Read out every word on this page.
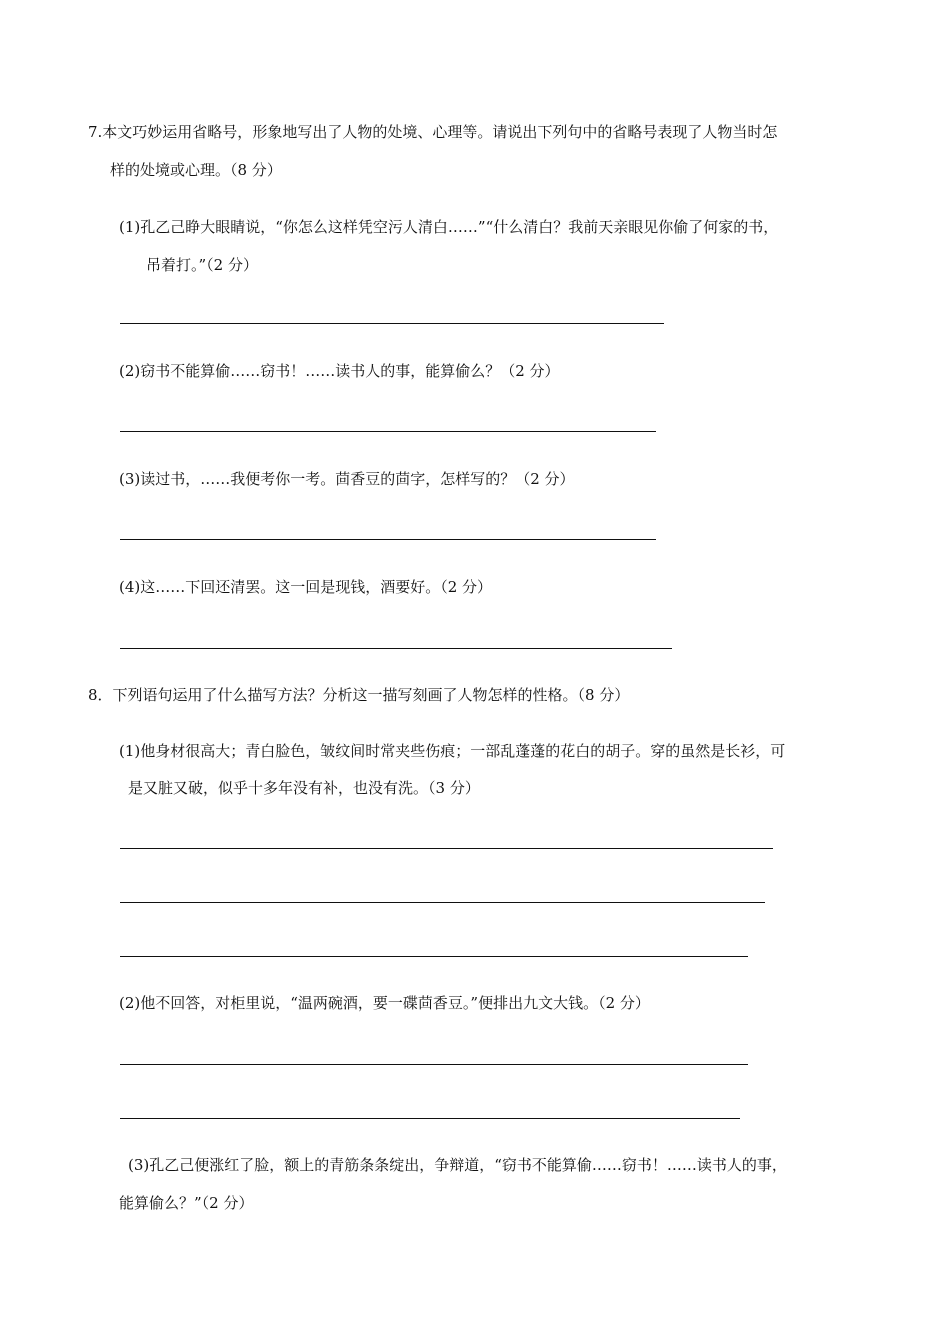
7.本文巧妙运用省略号，形象地写出了人物的处境、心理等。请说出下列句中的省略号表现了人物当时怎
样的处境或心理。（8 分）
(1)孔乙己睁大眼睛说，“你怎么这样凭空污人清白……”“什么清白？我前天亲眼见你偷了何家的书，
吊着打。”（2 分）
(2)窃书不能算偷……窃书！……读书人的事，能算偷么？（2 分）
(3)读过书，……我便考你一考。茴香豆的茴字，怎样写的？（2 分）
(4)这……下回还清罢。这一回是现钱，酒要好。（2 分）
8．下列语句运用了什么描写方法？分析这一描写刻画了人物怎样的性格。（8 分）
(1)他身材很高大；青白脸色，皱纹间时常夹些伤痕；一部乱蓬蓬的花白的胡子。穿的虽然是长衫，可
是又脏又破，似乎十多年没有补，也没有洗。（3 分）
(2)他不回答，对柜里说，“温两碗酒，要一碟茴香豆。”便排出九文大钱。（2 分）
(3)孔乙己便涨红了脸，额上的青筋条条绽出，争辩道，“窃书不能算偷……窃书！……读书人的事，
能算偷么？”（2 分）
